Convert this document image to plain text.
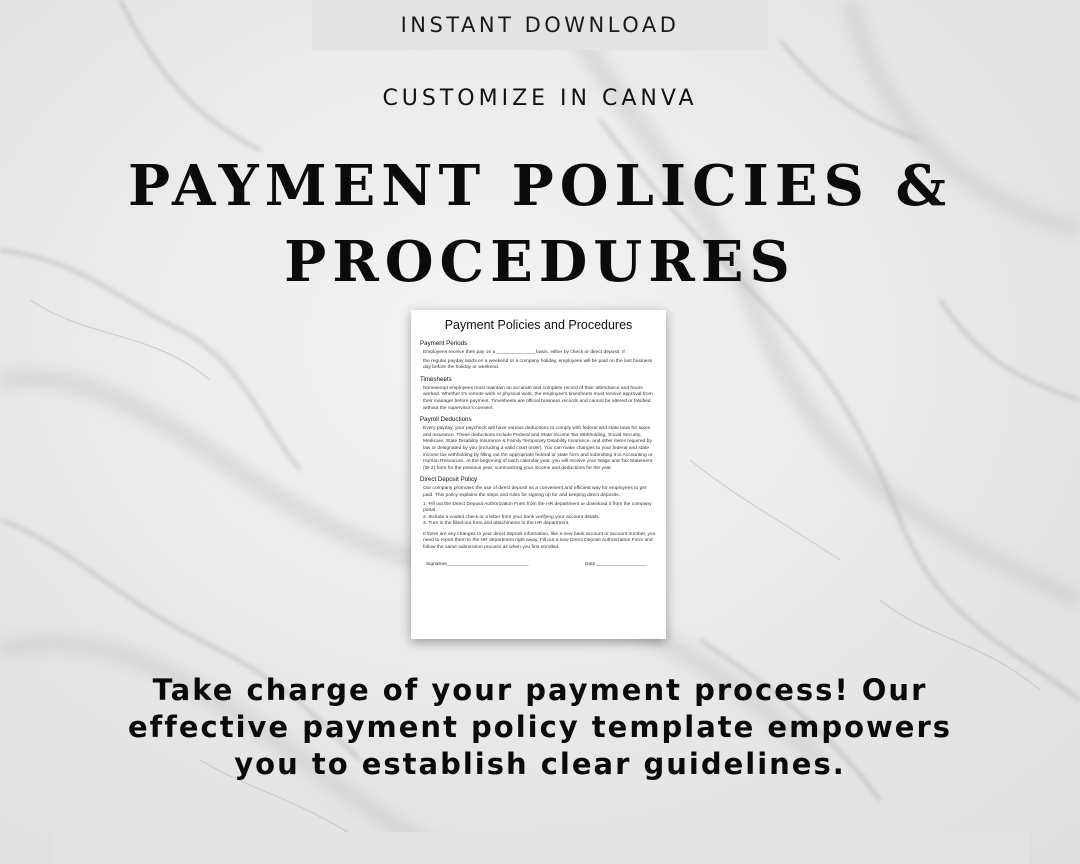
INSTANT DOWNLOAD
CUSTOMIZE IN CANVA
PAYMENT POLICIES &
PROCEDURES
Payment Policies and Procedures
Payment Periods
Employees receive their pay on a ______________ basis, either by check or direct deposit. If
the regular payday lands on a weekend or a company holiday, employees will be paid on the last business day before the holiday or weekend.
Timesheets
Nonexempt employees must maintain an accurate and complete record of their attendance and hours worked. Whether it's remote work or physical work, the employee's timesheets must receive approval from their manager before payment. Timesheets are official business records and cannot be altered or falsified without the supervisor's consent.
Payroll Deductions
Every payday, your paycheck will have various deductions to comply with federal and state laws for taxes and insurance. These deductions include Federal and State Income Tax Withholding, Social Security, Medicare, State Disability Insurance & Family Temporary Disability Insurance, and other items required by law or designated by you (including a valid court order). You can make changes to your federal and state income tax withholding by filling out the appropriate federal or state form and submitting it to Accounting or Human Resources. At the beginning of each calendar year, you will receive your Wage and Tax Statement (W-2) form for the previous year, summarizing your income and deductions for the year.
Direct Deposit Policy
Our company promotes the use of direct deposit as a convenient and efficient way for employees to get paid. This policy explains the steps and rules for signing up for and keeping direct deposits.
1. Fill out the Direct Deposit Authorization Form from the HR department or download it from the company portal.
2. Include a voided check or a letter from your bank verifying your account details.
3. Turn in the filled-out form and attachments to the HR department.
If there are any changes to your direct deposit information, like a new bank account or account number, you need to report them to the HR department right away. Fill out a new Direct Deposit Authorization Form and follow the same submission process as when you first enrolled.
Signature______________________________	Date___________________
Take charge of your payment process! Our
effective payment policy template empowers
you to establish clear guidelines.
